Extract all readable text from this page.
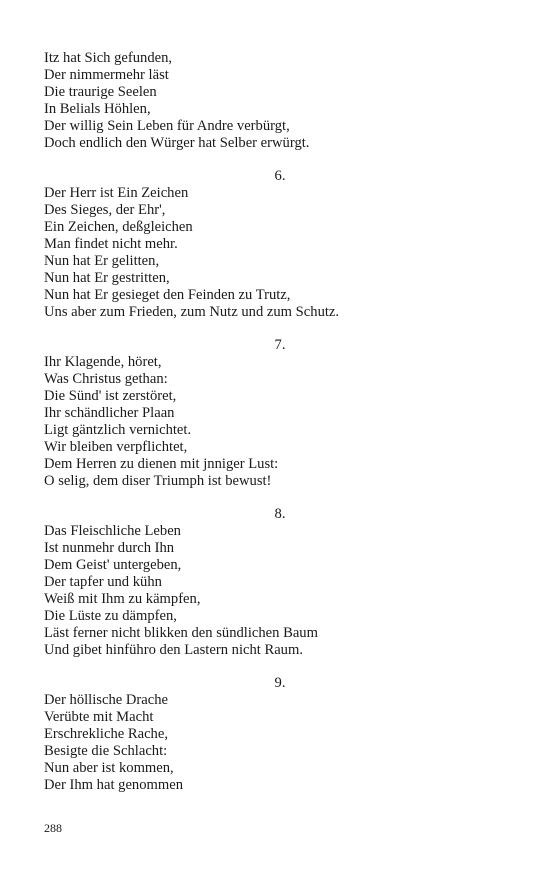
Itz hat Sich gefunden,
Der nimmermehr läst
Die traurige Seelen
In Belials Höhlen,
Der willig Sein Leben für Andre verbürgt,
Doch endlich den Würger hat Selber erwürgt.
6.
Der Herr ist Ein Zeichen
Des Sieges, der Ehr',
Ein Zeichen, deßgleichen
Man findet nicht mehr.
Nun hat Er gelitten,
Nun hat Er gestritten,
Nun hat Er gesieget den Feinden zu Trutz,
Uns aber zum Frieden, zum Nutz und zum Schutz.
7.
Ihr Klagende, höret,
Was Christus gethan:
Die Sünd' ist zerstöret,
Ihr schändlicher Plaan
Ligt gäntzlich vernichtet.
Wir bleiben verpflichtet,
Dem Herren zu dienen mit jnniger Lust:
O selig, dem diser Triumph ist bewust!
8.
Das Fleischliche Leben
Ist nunmehr durch Ihn
Dem Geist' untergeben,
Der tapfer und kühn
Weiß mit Ihm zu kämpfen,
Die Lüste zu dämpfen,
Läst ferner nicht blikken den sündlichen Baum
Und gibet hinführo den Lastern nicht Raum.
9.
Der höllische Drache
Verübte mit Macht
Erschrekliche Rache,
Besigte die Schlacht:
Nun aber ist kommen,
Der Ihm hat genommen
288
